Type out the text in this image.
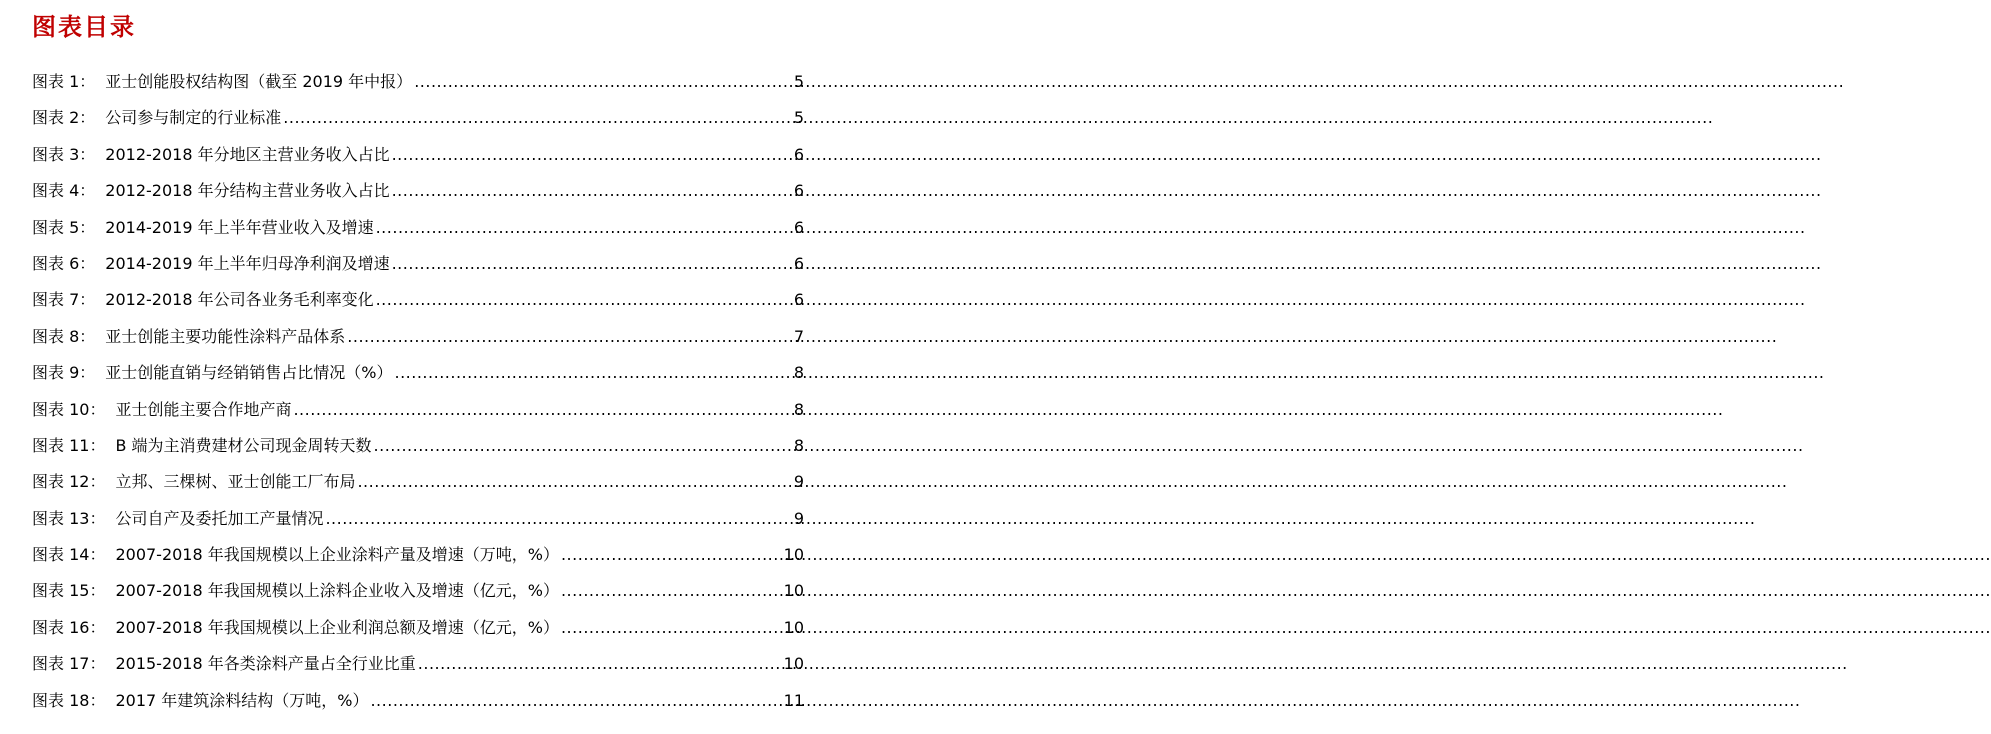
图表目录
图表 1： 亚士创能股权结构图（截至 2019 年中报） .....	5
图表 2： 公司参与制定的行业标准 .....	5
图表 3： 2012-2018 年分地区主营业务收入占比 .....	6
图表 4： 2012-2018 年分结构主营业务收入占比 .....	6
图表 5： 2014-2019 年上半年营业收入及增速 .....	6
图表 6： 2014-2019 年上半年归母净利润及增速 .....	6
图表 7： 2012-2018 年公司各业务毛利率变化 .....	6
图表 8： 亚士创能主要功能性涂料产品体系 .....	7
图表 9： 亚士创能直销与经销销售占比情况（%） .....	8
图表 10： 亚士创能主要合作地产商 .....	8
图表 11： B 端为主消费建材公司现金周转天数 .....	8
图表 12： 立邦、三棵树、亚士创能工厂布局 .....	9
图表 13： 公司自产及委托加工产量情况 .....	9
图表 14： 2007-2018 年我国规模以上企业涂料产量及增速（万吨，%） .....	10
图表 15： 2007-2018 年我国规模以上涂料企业收入及增速（亿元，%） .....	10
图表 16： 2007-2018 年我国规模以上企业利润总额及增速（亿元，%） .....	10
图表 17： 2015-2018 年各类涂料产量占全行业比重 .....	10
图表 18： 2017 年建筑涂料结构（万吨，%） .....	11
